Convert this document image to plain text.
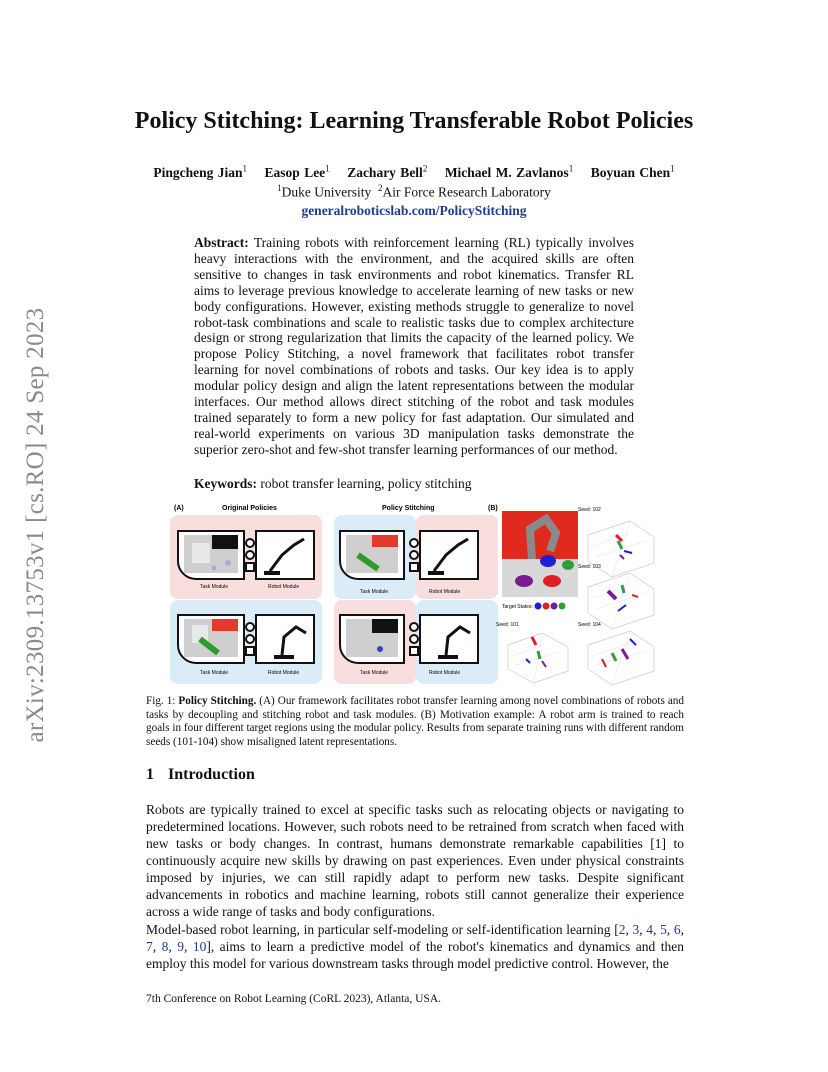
arXiv:2309.13753v1 [cs.RO] 24 Sep 2023
Policy Stitching: Learning Transferable Robot Policies
Pingcheng Jian$^1$ Easop Lee$^1$ Zachary Bell$^2$ Michael M. Zavlanos$^1$ Boyuan Chen$^1$
$^1$Duke University $^2$Air Force Research Laboratory
generalroboticslab.com/PolicyStitching
Abstract: Training robots with reinforcement learning (RL) typically involves heavy interactions with the environment, and the acquired skills are often sensitive to changes in task environments and robot kinematics. Transfer RL aims to leverage previous knowledge to accelerate learning of new tasks or new body configurations. However, existing methods struggle to generalize to novel robot-task combinations and scale to realistic tasks due to complex architecture design or strong regularization that limits the capacity of the learned policy. We propose Policy Stitching, a novel framework that facilitates robot transfer learning for novel combinations of robots and tasks. Our key idea is to apply modular policy design and align the latent representations between the modular interfaces. Our method allows direct stitching of the robot and task modules trained separately to form a new policy for fast adaptation. Our simulated and real-world experiments on various 3D manipulation tasks demonstrate the superior zero-shot and few-shot transfer learning performances of our method.
Keywords: robot transfer learning, policy stitching
(A)	Original Policies	Policy Stitching	(B)
Task Module	Robot Module
Task Module	Robot Module
Task Module	Robot Module
Task Module	Robot Module
Target States:
Seed: 102
Seed: 103
Seed: 101	Seed: 104
Fig. 1: Policy Stitching. (A) Our framework facilitates robot transfer learning among novel combinations of robots and tasks by decoupling and stitching robot and task modules. (B) Motivation example: A robot arm is trained to reach goals in four different target regions using the modular policy. Results from separate training runs with different random seeds (101-104) show misaligned latent representations.
1 Introduction
Robots are typically trained to excel at specific tasks such as relocating objects or navigating to predetermined locations. However, such robots need to be retrained from scratch when faced with new tasks or body changes. In contrast, humans demonstrate remarkable capabilities [1] to continuously acquire new skills by drawing on past experiences. Even under physical constraints imposed by injuries, we can still rapidly adapt to perform new tasks. Despite significant advancements in robotics and machine learning, robots still cannot generalize their experience across a wide range of tasks and body configurations.
Model-based robot learning, in particular self-modeling or self-identification learning [2, 3, 4, 5, 6, 7, 8, 9, 10], aims to learn a predictive model of the robot's kinematics and dynamics and then employ this model for various downstream tasks through model predictive control. However, the
7th Conference on Robot Learning (CoRL 2023), Atlanta, USA.
